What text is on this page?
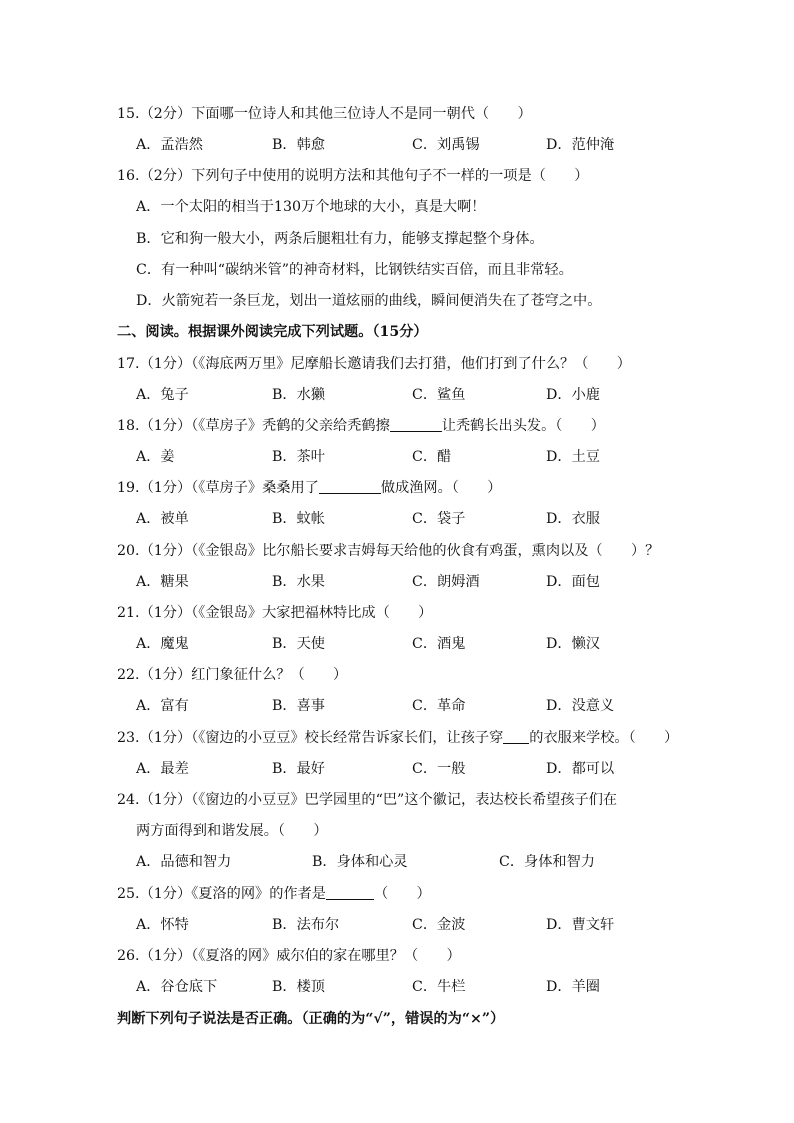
15.（2分）下面哪一位诗人和其他三位诗人不是同一朝代（　　）
A．孟浩然	B．韩愈	C．刘禹锡	D．范仲淹
16.（2分）下列句子中使用的说明方法和其他句子不一样的一项是（　　）
A．一个太阳的相当于130万个地球的大小，真是大啊！
B．它和狗一般大小，两条后腿粗壮有力，能够支撑起整个身体。
C．有一种叫“碳纳米管”的神奇材料，比钢铁结实百倍，而且非常轻。
D．火箭宛若一条巨龙，划出一道炫丽的曲线，瞬间便消失在了苍穹之中。
二、阅读。根据课外阅读完成下列试题。（15分）
17.（1分）（《海底两万里》尼摩船长邀请我们去打猎，他们打到了什么？（　　）
A．兔子	B．水獭	C．鲨鱼	D．小鹿
18.（1分）（《草房子》秃鹤的父亲给秃鹤擦	让秃鹤长出头发。（　　）
A．姜	B．茶叶	C．醋	D．土豆
19.（1分）（《草房子》桑桑用了	做成渔网。（　　）
A．被单	B．蚊帐	C．袋子	D．衣服
20.（1分）（《金银岛》比尔船长要求吉姆每天给他的伙食有鸡蛋，熏肉以及（　　）？
A．糖果	B．水果	C．朗姆酒	D．面包
21.（1分）（《金银岛》大家把福林特比成（　　）
A．魔鬼	B．天使	C．酒鬼	D．懒汉
22.（1分）红门象征什么？（　　）
A．富有	B．喜事	C．革命	D．没意义
23.（1分）（《窗边的小豆豆》校长经常告诉家长们，让孩子穿 的衣服来学校。（　　）
A．最差	B．最好	C．一般	D．都可以
24.（1分）（《窗边的小豆豆》巴学园里的“巴”这个徽记，表达校长希望孩子们在
两方面得到和谐发展。（　　）
A．品德和智力	B．身体和心灵	C．身体和智力
25.（1分）《夏洛的网》的作者是	（　　）
A．怀特	B．法布尔	C．金波	D．曹文轩
26.（1分）（《夏洛的网》威尔伯的家在哪里？（　　）
A．谷仓底下	B．楼顶	C．牛栏	D．羊圈
判断下列句子说法是否正确。（正确的为“√”，错误的为“×”）
